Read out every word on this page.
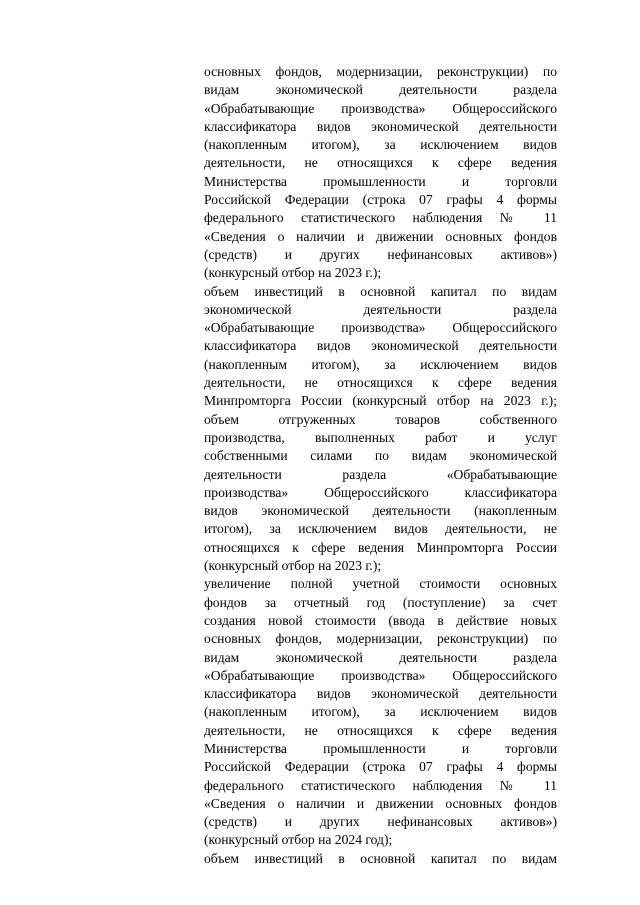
основных фондов, модернизации, реконструкции) по
видам экономической деятельности раздела
«Обрабатывающие производства» Общероссийского
классификатора видов экономической деятельности
(накопленным итогом), за исключением видов
деятельности, не относящихся к сфере ведения
Министерства промышленности и торговли
Российской Федерации (строка 07 графы 4 формы
федерального статистического наблюдения № 11
«Сведения о наличии и движении основных фондов
(средств) и других нефинансовых активов»)
(конкурсный отбор на 2023 г.);
объем инвестиций в основной капитал по видам
экономической деятельности раздела
«Обрабатывающие производства» Общероссийского
классификатора видов экономической деятельности
(накопленным итогом), за исключением видов
деятельности, не относящихся к сфере ведения
Минпромторга России (конкурсный отбор на 2023 г.);
объем отгруженных товаров собственного
производства, выполненных работ и услуг
собственными силами по видам экономической
деятельности раздела «Обрабатывающие
производства» Общероссийского классификатора
видов экономической деятельности (накопленным
итогом), за исключением видов деятельности, не
относящихся к сфере ведения Минпромторга России
(конкурсный отбор на 2023 г.);
увеличение полной учетной стоимости основных
фондов за отчетный год (поступление) за счет
создания новой стоимости (ввода в действие новых
основных фондов, модернизации, реконструкции) по
видам экономической деятельности раздела
«Обрабатывающие производства» Общероссийского
классификатора видов экономической деятельности
(накопленным итогом), за исключением видов
деятельности, не относящихся к сфере ведения
Министерства промышленности и торговли
Российской Федерации (строка 07 графы 4 формы
федерального статистического наблюдения № 11
«Сведения о наличии и движении основных фондов
(средств) и других нефинансовых активов»)
(конкурсный отбор на 2024 год);
объем инвестиций в основной капитал по видам
